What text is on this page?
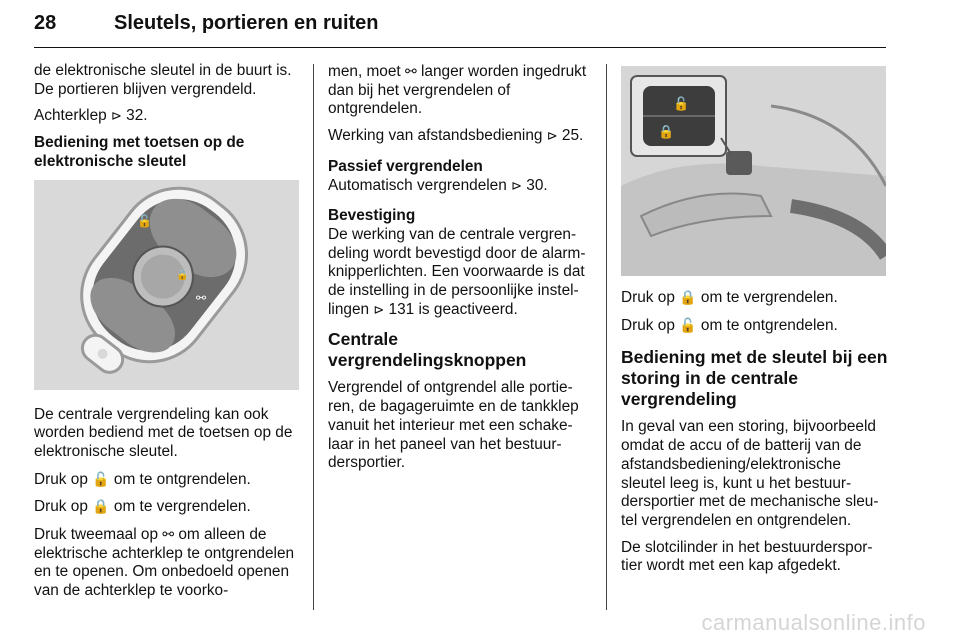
28	Sleutels, portieren en ruiten

de elektronische sleutel in de buurt is. De portieren blijven vergrendeld.

Achterklep ⊳ 32.

Bediening met toetsen op de elektronische sleutel
🔓
🔒
⚯

De centrale vergrendeling kan ook worden bediend met de toetsen op de elektronische sleutel.

Druk op 🔓 om te ontgrendelen.

Druk op 🔒 om te vergrendelen.

Druk tweemaal op ⚯ om alleen de elektrische achterklep te ontgrendelen en te openen. Om onbedoeld openen van de achterklep te voorko-

men, moet ⚯ langer worden ingedrukt dan bij het vergrendelen of ontgrendelen.

Werking van afstandsbediening ⊳ 25.

Passief vergrendelen

Automatisch vergrendelen ⊳ 30.

Bevestiging

De werking van de centrale vergrendeling wordt bevestigd door de alarmknipperlichten. Een voorwaarde is dat de instelling in de persoonlijke instellingen ⊳ 131 is geactiveerd.

Centrale vergrendelingsknoppen

Vergrendel of ontgrendel alle portieren, de bagageruimte en de tankklep vanuit het interieur met een schakelaar in het paneel van het bestuurdersportier.

🔓
🔒

Druk op 🔒 om te vergrendelen.

Druk op 🔓 om te ontgrendelen.

Bediening met de sleutel bij een storing in de centrale vergrendeling

In geval van een storing, bijvoorbeeld omdat de accu of de batterij van de afstandsbediening/elektronische sleutel leeg is, kunt u het bestuurdersportier met de mechanische sleutel vergrendelen en ontgrendelen.

De slotcilinder in het bestuurdersportier wordt met een kap afgedekt.

carmanualsonline.info
